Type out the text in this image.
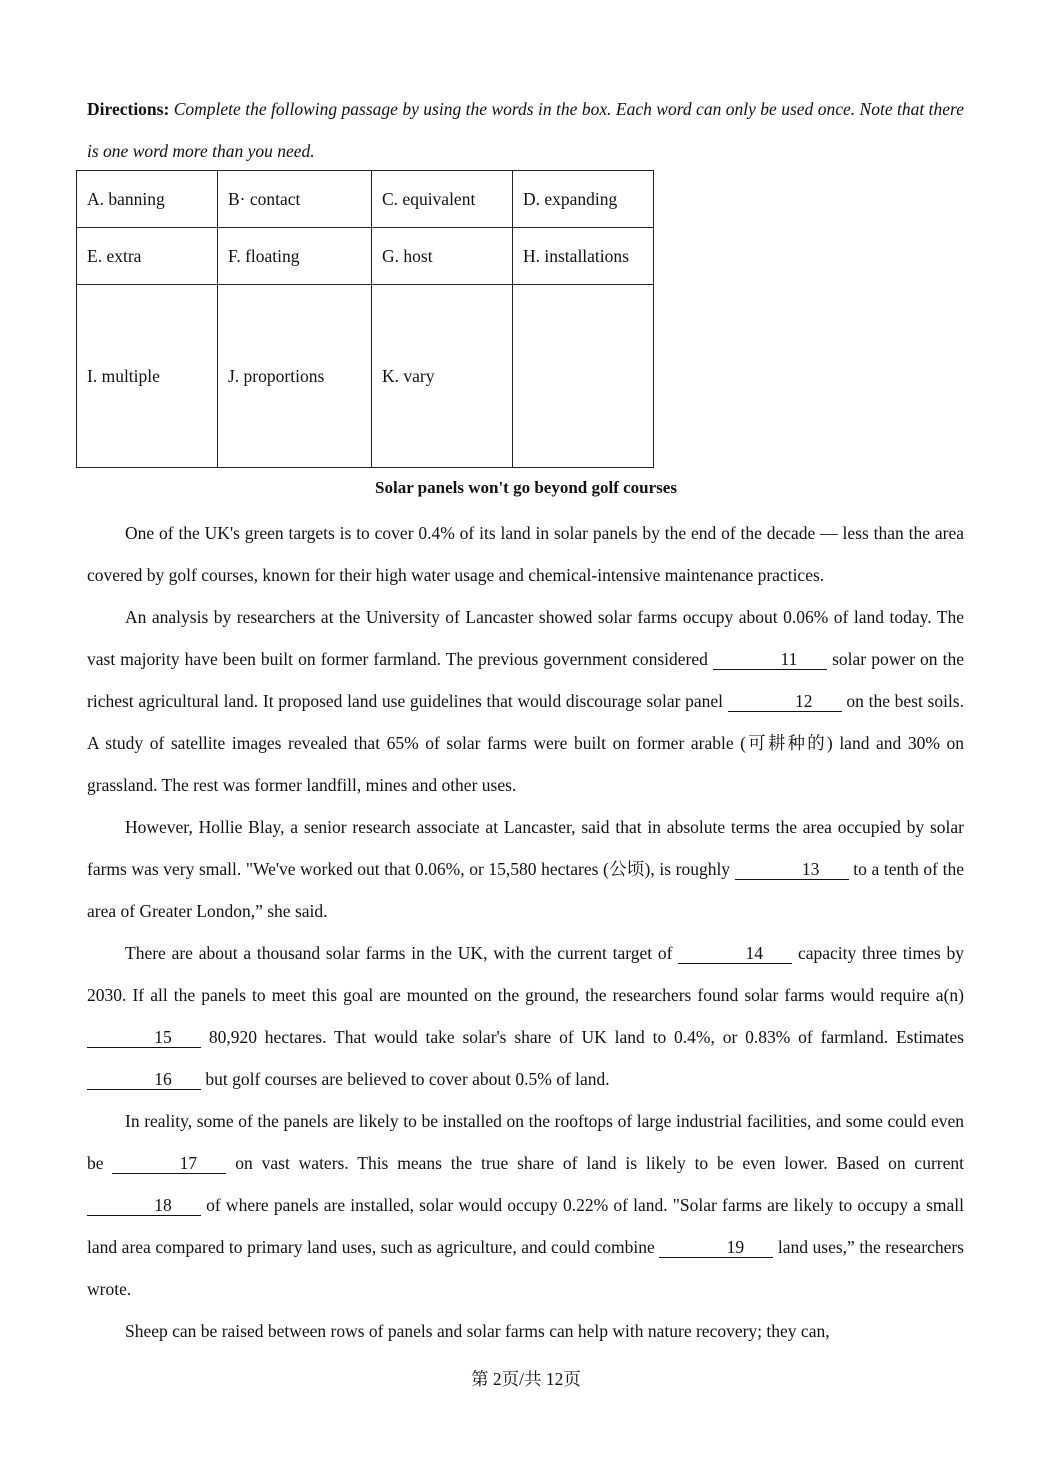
Directions: Complete the following passage by using the words in the box. Each word can only be used once. Note that there is one word more than you need.
A. banning	B· contact	C. equivalent	D. expanding
E. extra	F. floating	G. host	H. installations
I. multiple	J. proportions	K. vary	
Solar panels won't go beyond golf courses

One of the UK's green targets is to cover 0.4% of its land in solar panels by the end of the decade — less than the area covered by golf courses, known for their high water usage and chemical-intensive maintenance practices.

An analysis by researchers at the University of Lancaster showed solar farms occupy about 0.06% of land today. The vast majority have been built on former farmland. The previous government considered	11 solar power on the richest agricultural land. It proposed land use guidelines that would discourage solar panel	12 on the best soils. A study of satellite images revealed that 65% of solar farms were built on former arable (可耕种的) land and 30% on grassland. The rest was former landfill, mines and other uses.

However, Hollie Blay, a senior research associate at Lancaster, said that in absolute terms the area occupied by solar farms was very small. "We've worked out that 0.06%, or 15,580 hectares (公顷), is roughly	13 to a tenth of the area of Greater London,” she said.

There are about a thousand solar farms in the UK, with the current target of	14 capacity three times by 2030. If all the panels to meet this goal are mounted on the ground, the researchers found solar farms would require a(n) 15 80,920 hectares. That would take solar's share of UK land to 0.4%, or 0.83% of farmland. Estimates 16 but golf courses are believed to cover about 0.5% of land.

In reality, some of the panels are likely to be installed on the rooftops of large industrial facilities, and some could even be	17 on vast waters. This means the true share of land is likely to be even lower. Based on current 18 of where panels are installed, solar would occupy 0.22% of land. "Solar farms are likely to occupy a small land area compared to primary land uses, such as agriculture, and could combine	19 land uses,” the researchers wrote.

Sheep can be raised between rows of panels and solar farms can help with nature recovery; they can,

第 2页/共 12页
